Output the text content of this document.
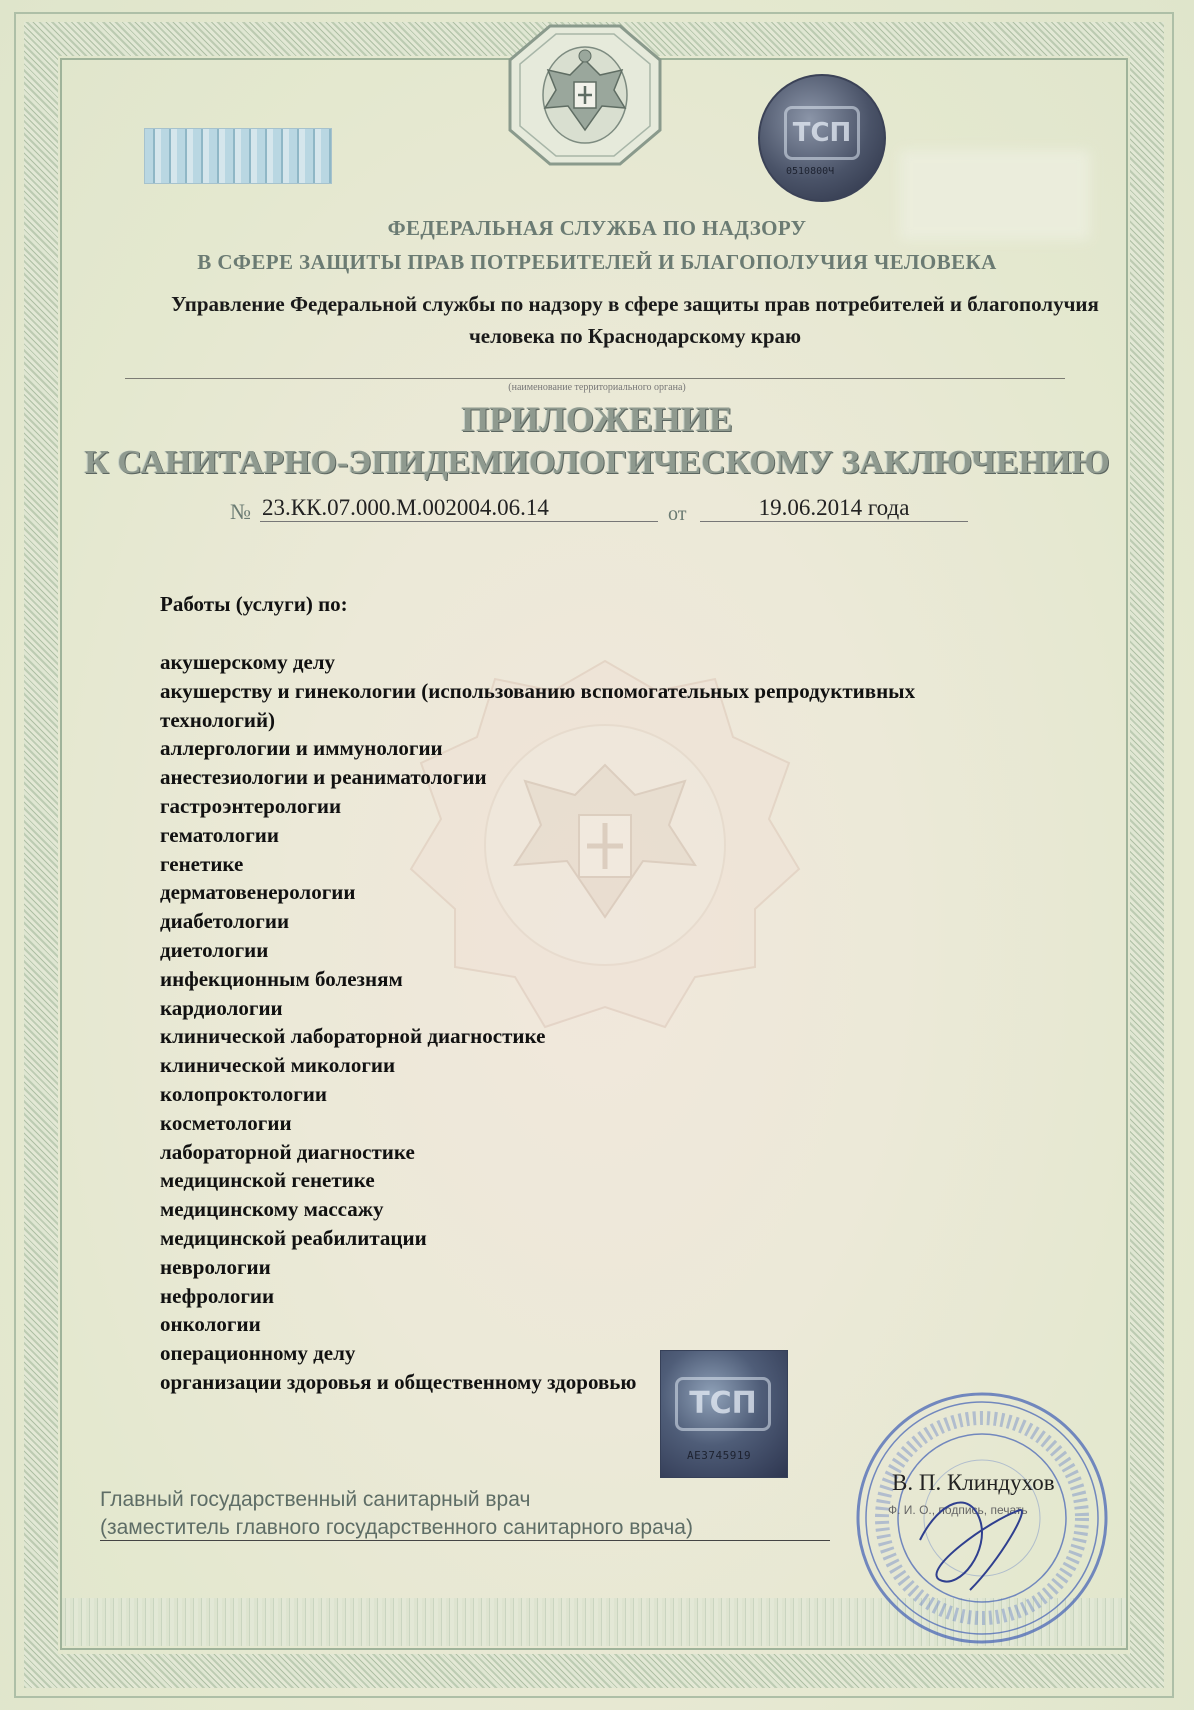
ТСП
0510800Ч
ФЕДЕРАЛЬНАЯ СЛУЖБА ПО НАДЗОРУ
В СФЕРЕ ЗАЩИТЫ ПРАВ ПОТРЕБИТЕЛЕЙ И БЛАГОПОЛУЧИЯ ЧЕЛОВЕКА
Управление Федеральной службы по надзору в сфере защиты прав потребителей и благополучия человека по Краснодарскому краю
(наименование территориального органа)
ПРИЛОЖЕНИЕ
К САНИТАРНО-ЭПИДЕМИОЛОГИЧЕСКОМУ ЗАКЛЮЧЕНИЮ
№ 23.КК.07.000.М.002004.06.14	от	19.06.2014 года
Работы (услуги) по:
акушерскому делу
акушерству и гинекологии (использованию вспомогательных репродуктивных
технологий)
аллергологии и иммунологии
анестезиологии и реаниматологии
гастроэнтерологии
гематологии
генетике
дерматовенерологии
диабетологии
диетологии
инфекционным болезням
кардиологии
клинической лабораторной диагностике
клинической микологии
колопроктологии
косметологии
лабораторной диагностике
медицинской генетике
медицинскому массажу
медицинской реабилитации
неврологии
нефрологии
онкологии
операционному делу
организации здоровья и общественному здоровью
ТСП
AE3745919
Главный государственный санитарный врач
(заместитель главного государственного санитарного врача)
В. П. Клиндухов
Ф. И. О., подпись, печать
